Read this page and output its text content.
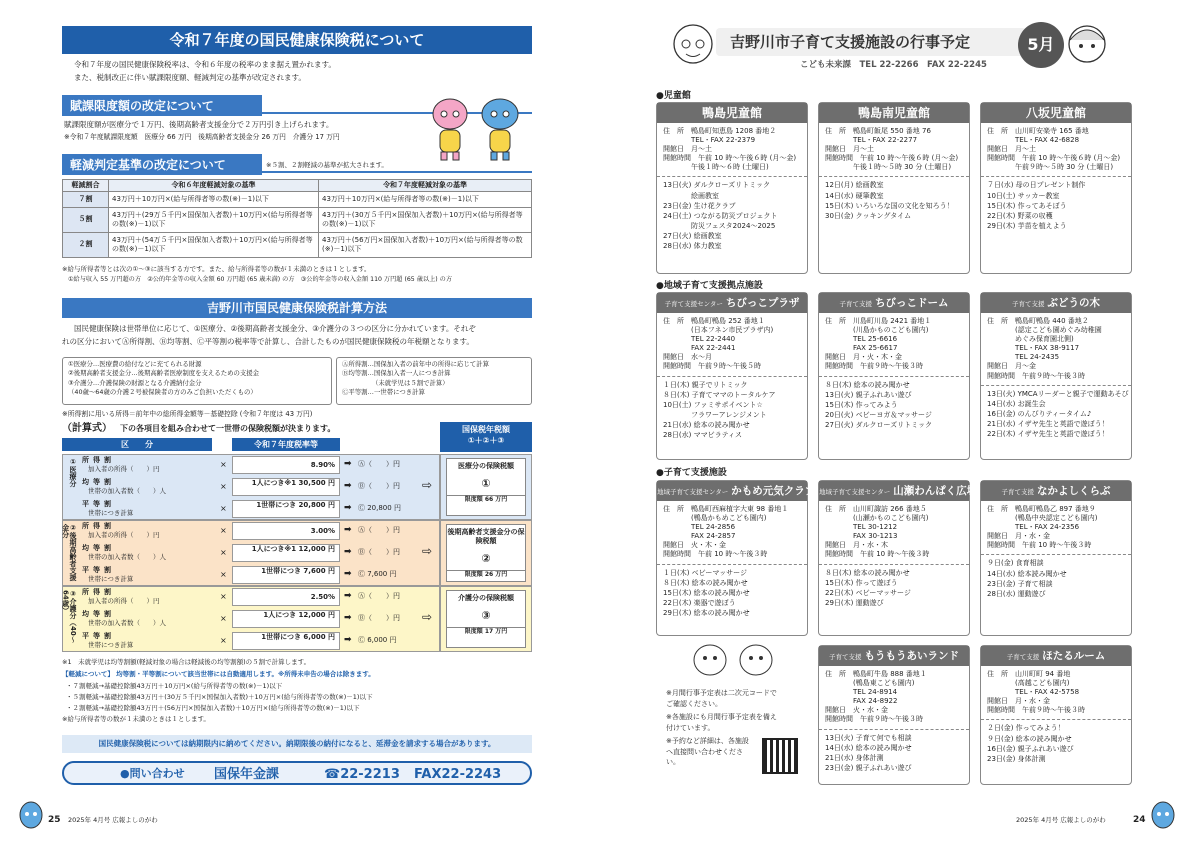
令和７年度の国民健康保険税について
令和７年度の国民健康保険税率は、令和６年度の税率のまま据え置かれます。
また、税制改正に伴い賦課限度額、軽減判定の基準が改定されます。
賦課限度額の改定について
賦課限度額が医療分で１万円、後期高齢者支援金分で２万円引き上げられます。
※令和７年度賦課限度額　医療分 66 万円　後期高齢者支援金分 26 万円　介護分 17 万円
軽減判定基準の改定について	※５割、２割軽減の基準が拡大されます。
軽減割合	令和６年度軽減対象の基準	令和７年度軽減対象の基準
７割	43万円＋10万円×(給与所得者等の数(※)－1)以下	43万円＋10万円×(給与所得者等の数(※)－1)以下
５割	43万円＋(29万５千円×国保加入者数)＋10万円×(給与所得者等の数(※)－1)以下	43万円＋(30万５千円×国保加入者数)＋10万円×(給与所得者等の数(※)－1)以下
２割	43万円＋(54万５千円×国保加入者数)＋10万円×(給与所得者等の数(※)－1)以下	43万円＋(56万円×国保加入者数)＋10万円×(給与所得者等の数(※)－1)以下
※給与所得者等とは次の①～③に該当する方です。また、給与所得者等の数が１未満のときは１とします。
①給与収入 55 万円超の方　②公的年金等の収入金額 60 万円超 (65 歳未満) の方　③公的年金等の収入金額 110 万円超 (65 歳以上) の方
吉野川市国民健康保険税計算方法
国民健康保険は世帯単位に応じて、①医療分、②後期高齢者支援金分、③介護分の３つの区分に分かれています。それぞ
れの区分においてⒶ所得割、Ⓑ均等割、Ⓒ平等割の税率等で計算し、合計したものが国民健康保険税の年税額となります。
①医療分…医療費の給付などに充てられる財源
②後期高齢者支援金分…後期高齢者医療制度を支えるための支援金
③介護分…介護保険の財源となる介護納付金分
（40歳～64歳の介護２号被保険者の方のみご負担いただくもの）
Ⓐ所得割…国保加入者の前年中の所得に応じて計算
Ⓑ均等割…国保加入者一人につき計算
（未就学児は５割で計算）
Ⓒ平等割…一世帯につき計算
※所得割に用いる所得＝前年中の総所得金額等－基礎控除 (令和７年度は 43 万円)
（計算式） 下の各項目を組み合わせて一世帯の保険税額が決まります。
区　　分	令和７年度税率等
国保税年税額
①＋②＋③
①医療分 所得割
加入者の所得（　　）円	×	8.90%	➡ Ⓐ（　　）円
均等割
世帯の加入者数（　　）人	×	1人につき※1 30,500 円	➡ Ⓑ（　　）円
平等割
世帯につき計算	×	1世帯につき 20,800 円	➡ Ⓒ 20,800 円
⇨
医療分の保険税額
①
限度額 66 万円
②後期高齢者支援金分	所得割
加入者の所得（　　）円	×	3.00%	➡ Ⓐ（　　）円
均等割
世帯の加入者数（　　）人	×	1人につき※1 12,000 円	➡ Ⓑ（　　）円
平等割
世帯につき計算	×	1世帯につき 7,600 円	➡ Ⓒ 7,600 円
⇨
後期高齢者支援金分の保険税額
②
限度額 26 万円
③介護分（40～64歳）	所得割
加入者の所得（　　）円	×	2.50%	➡ Ⓐ（　　）円
均等割
世帯の加入者数（　　）人	×	1人につき 12,000 円	➡ Ⓑ（　　）円
平等割
世帯につき計算	×	1世帯につき 6,000 円	➡ Ⓒ 6,000 円
⇨
介護分の保険税額
③
限度額 17 万円
※1　未就学児は均等割額(軽減対象の場合は軽減後の均等割額)の５割で計算します。
【軽減について】 均等割・平等割について該当世帯には自動適用します。※所得未申告の場合は除きます。
・７割軽減→基礎控除額43万円＋10万円×(給与所得者等の数(※)－1)以下
・５割軽減→基礎控除額43万円＋(30万５千円×国保加入者数)＋10万円×(給与所得者等の数(※)－1)以下
・２割軽減→基礎控除額43万円＋(56万円×国保加入者数)＋10万円×(給与所得者等の数(※)－1)以下
※給与所得者等の数が１未満のときは１とします。
国民健康保険税については納期限内に納めてください。納期限後の納付になると、延滞金を請求する場合があります。
●問い合わせ 国保年金課	☎22-2213 FAX22-2243
25 2025年 4月号 広報よしのがわ
吉野川市子育て支援施設の行事予定
こども未来課　TEL 22-2266　FAX 22-2245
5月
●児童館
●地域子育て支援拠点施設
●子育て支援施設
鴨島児童館
住　所　鴨島町知恵島 1208 番地２
　　　　TEL・FAX 22-2379
開館日　月～土
開館時間　午前 10 時～午後６時 (月～金)
　　　　午後１時～６時 (土曜日)
13日(火) ダルクローズリトミック
　　　　絵画教室
23日(金) 生け花クラブ
24日(土) つながる防災プロジェクト
　　　　防災フェスタ2024～2025
27日(火) 絵画教室
28日(水) 体力教室
鴨島南児童館
住　所　鴨島町飯尾 550 番地 76
　　　　TEL・FAX 22-2277
開館日　月～土
開館時間　午前 10 時～午後６時 (月～金)
　　　　午後１時～５時 30 分 (土曜日)
12日(月) 絵画教室
14日(水) 硬筆教室
15日(木) いろいろな国の文化を知ろう！
30日(金) クッキングタイム
八坂児童館
住　所　山川町安楽寺 165 番地
　　　　TEL・FAX 42-6828
開館日　月～土
開館時間　午前 10 時～午後６時 (月～金)
　　　　午前９時～５時 30 分 (土曜日)
７日(水) 母の日プレゼント制作
10日(土) サッカー教室
15日(木) 作ってあそぼう
22日(木) 野菜の収穫
29日(木) 芋苗を植えよう
子育て支援センター ちびっこプラザ
住　所　鴨島町鴨島 252 番地１
　　　　(日本フネン市民プラザ内)
　　　　TEL 22-2440
　　　　FAX 22-2441
開館日　水～月
開館時間　午前９時～午後５時
１日(木) 親子でリトミック
８日(木) 子育てママのトータルケア
10日(土) ファミサポイベント☆
　　　　フラワーアレンジメント
21日(水) 絵本の読み聞かせ
28日(水) ママビラティス
子育て支援 ちびっこドーム
住　所　川島町川島 2421 番地１
　　　　(川島かものこども園内)
　　　　TEL 25-6616
　　　　FAX 25-6617
開館日　月・火・木・金
開館時間　午前９時～午後３時
８日(木) 絵本の読み聞かせ
13日(火) 親子ふれあい遊び
15日(木) 作ってみよう
20日(火) ベビーヨガ＆マッサージ
27日(火) ダルクローズリトミック
子育て支援 ぶどうの木
住　所　鴨島町鴨島 440 番地２
　　　　(認定こども園めぐみ幼稚園
　　　　めぐみ保育園北側)
　　　　TEL・FAX 38-9117
　　　　TEL 24-2435
開館日　月～金
開館時間　午前９時～午後３時
13日(火) YMCAリーダーと親子で運動あそび
14日(水) お誕生会
16日(金) のんびりティータイム♪
21日(水) イザヤ先生と英語で遊ぼう！
22日(木) イザヤ先生と英語で遊ぼう！
地域子育て支援センター かもめ元気クラブ
住　所　鴨島町西麻植字大東 98 番地１
　　　　(鴨島かもめこども園内)
　　　　TEL 24-2856
　　　　FAX 24-2857
開館日　火・木・金
開館時間　午前 10 時～午後３時
１日(木) ベビーマッサージ
８日(木) 絵本の読み聞かせ
15日(木) 絵本の読み聞かせ
22日(木) 楽器で遊ぼう
29日(木) 絵本の読み聞かせ
地域子育て支援センター 山瀬わんぱく広場
住　所　山川町諏訪 266 番地５
　　　　(山瀬かものこども園内)
　　　　TEL 30-1212
　　　　FAX 30-1213
開館日　月・水・木
開館時間　午前 10 時～午後３時
８日(木) 絵本の読み聞かせ
15日(木) 作って遊ぼう
22日(木) ベビーマッサージ
29日(木) 運動遊び
子育て支援 なかよしくらぶ
住　所　鴨島町鴨島乙 897 番地９
　　　　(鴨島中央認定こども園内)
　　　　TEL・FAX 24-2356
開館日　月・水・金
開館時間　午前 10 時～午後３時
９日(金) 食育相談
14日(水) 絵本読み聞かせ
23日(金) 子育て相談
28日(水) 運動遊び
子育て支援 もうもうあいランド
住　所　鴨島町牛島 888 番地１
　　　　(鴨島東こども園内)
　　　　TEL 24-8914
　　　　FAX 24-8922
開館日　火・水・金
開館時間　午前９時～午後３時
13日(火) 子育て何でも相談
14日(水) 絵本の読み聞かせ
21日(水) 身体計測
23日(金) 親子ふれあい遊び
子育て支援 ほたるルーム
住　所　山川町町 94 番地
　　　　(高越こども園内)
　　　　TEL・FAX 42-5758
開館日　月・水・金
開館時間　午前９時～午後３時
２日(金) 作ってみよう！
９日(金) 絵本の読み聞かせ
16日(金) 親子ふれあい遊び
23日(金) 身体計測
※月間行事予定表は二次元コードでご確認ください。
※各施設にも月間行事予定表を備え付けています。
※予約など詳細は、各施設へ直接問い合わせください。
2025年 4月号 広報よしのがわ	24
